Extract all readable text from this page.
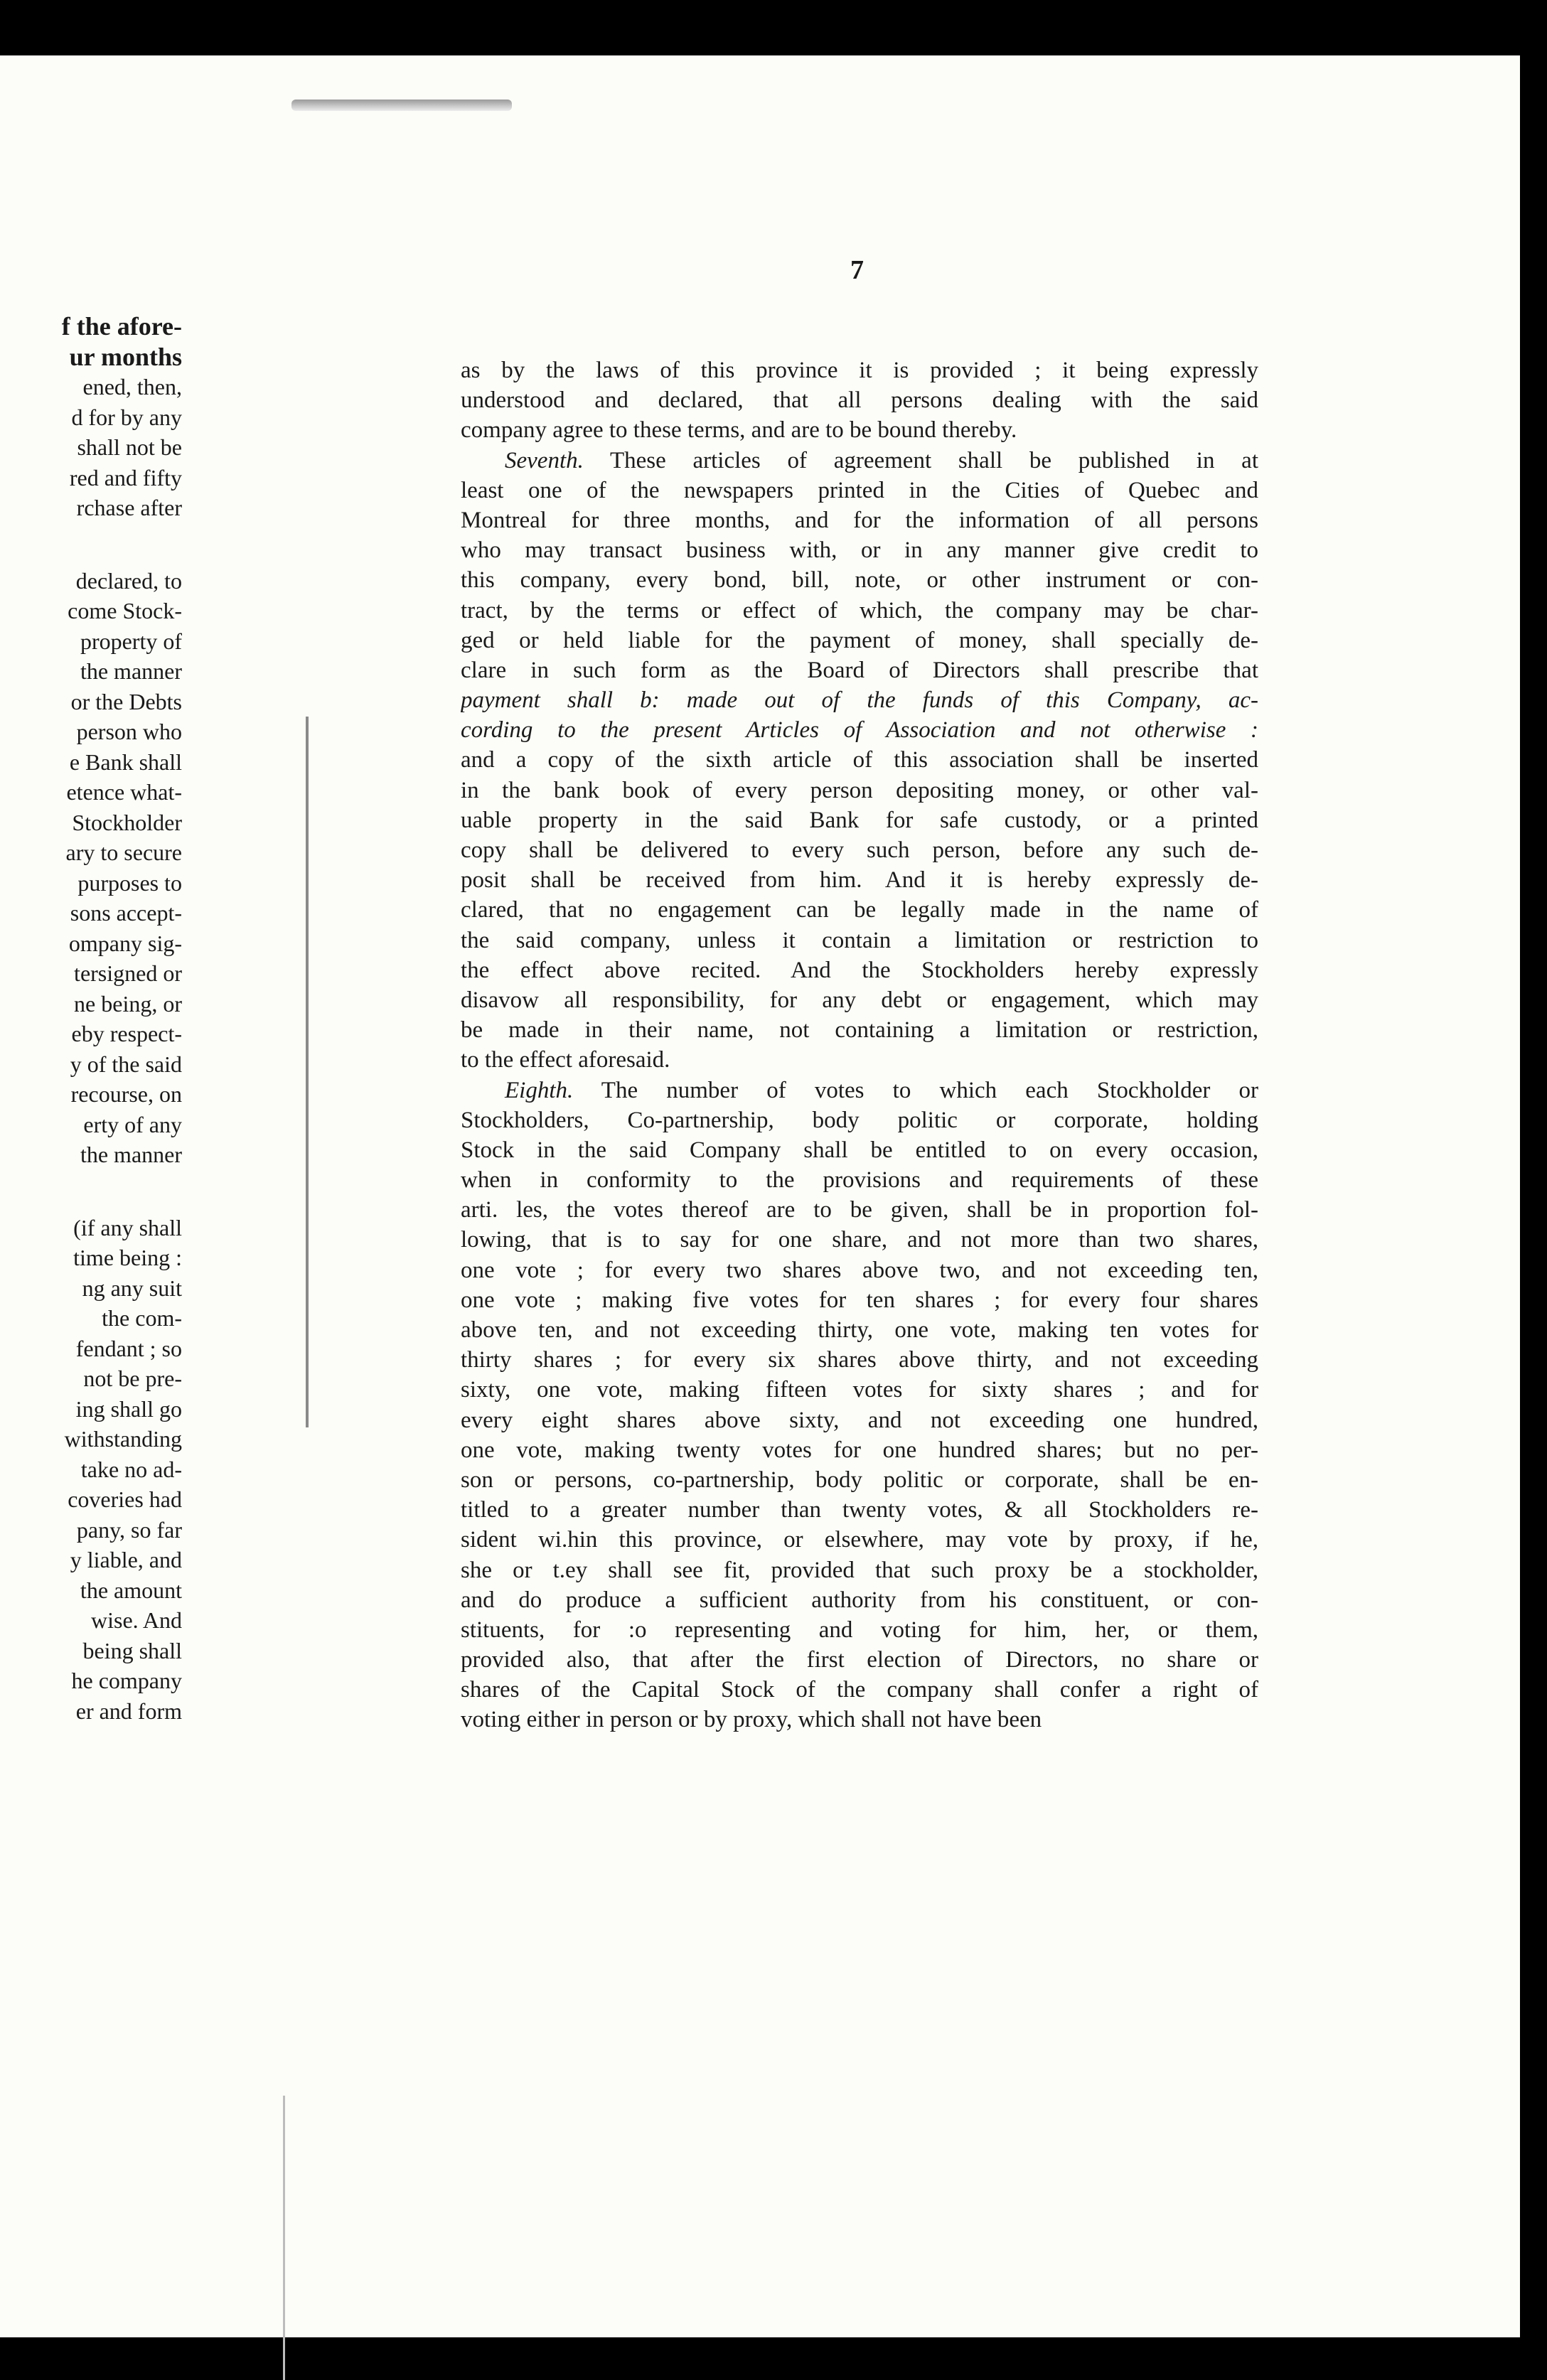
7
f the afore-
ur months
ened, then,
d for by any
shall not be
red and fifty
rchase after
declared, to
come Stock-
property of
the manner
or the Debts
person who
e Bank shall
etence what-
Stockholder
ary to secure
purposes to
sons accept-
ompany sig-
tersigned or
ne being, or
eby respect-
y of the said
recourse, on
erty of any
the manner
(if any shall
time being :
ng any suit
the com-
fendant ; so
not be pre-
ing shall go
withstanding
take no ad-
coveries had
pany, so far
y liable, and
the amount
wise. And
being shall
he company
er and form
as by the laws of this province it is provided ; it being expressly
understood and declared, that all persons dealing with the said
company agree to these terms, and are to be bound thereby.
Seventh. These articles of agreement shall be published in at
least one of the newspapers printed in the Cities of Quebec and
Montreal for three months, and for the information of all persons
who may transact business with, or in any manner give credit to
this company, every bond, bill, note, or other instrument or con-
tract, by the terms or effect of which, the company may be char-
ged or held liable for the payment of money, shall specially de-
clare in such form as the Board of Directors shall prescribe that
payment shall b: made out of the funds of this Company, ac-
cording to the present Articles of Association and not otherwise :
and a copy of the sixth article of this association shall be inserted
in the bank book of every person depositing money, or other val-
uable property in the said Bank for safe custody, or a printed
copy shall be delivered to every such person, before any such de-
posit shall be received from him. And it is hereby expressly de-
clared, that no engagement can be legally made in the name of
the said company, unless it contain a limitation or restriction to
the effect above recited. And the Stockholders hereby expressly
disavow all responsibility, for any debt or engagement, which may
be made in their name, not containing a limitation or restriction,
to the effect aforesaid.
Eighth. The number of votes to which each Stockholder or
Stockholders, Co-partnership, body politic or corporate, holding
Stock in the said Company shall be entitled to on every occasion,
when in conformity to the provisions and requirements of these
arti. les, the votes thereof are to be given, shall be in proportion fol-
lowing, that is to say for one share, and not more than two shares,
one vote ; for every two shares above two, and not exceeding ten,
one vote ; making five votes for ten shares ; for every four shares
above ten, and not exceeding thirty, one vote, making ten votes for
thirty shares ; for every six shares above thirty, and not exceeding
sixty, one vote, making fifteen votes for sixty shares ; and for
every eight shares above sixty, and not exceeding one hundred,
one vote, making twenty votes for one hundred shares; but no per-
son or persons, co-partnership, body politic or corporate, shall be en-
titled to a greater number than twenty votes, & all Stockholders re-
sident wi.hin this province, or elsewhere, may vote by proxy, if he,
she or t.ey shall see fit, provided that such proxy be a stockholder,
and do produce a sufficient authority from his constituent, or con-
stituents, for :o representing and voting for him, her, or them,
provided also, that after the first election of Directors, no share or
shares of the Capital Stock of the company shall confer a right of
voting either in person or by proxy, which shall not have been
